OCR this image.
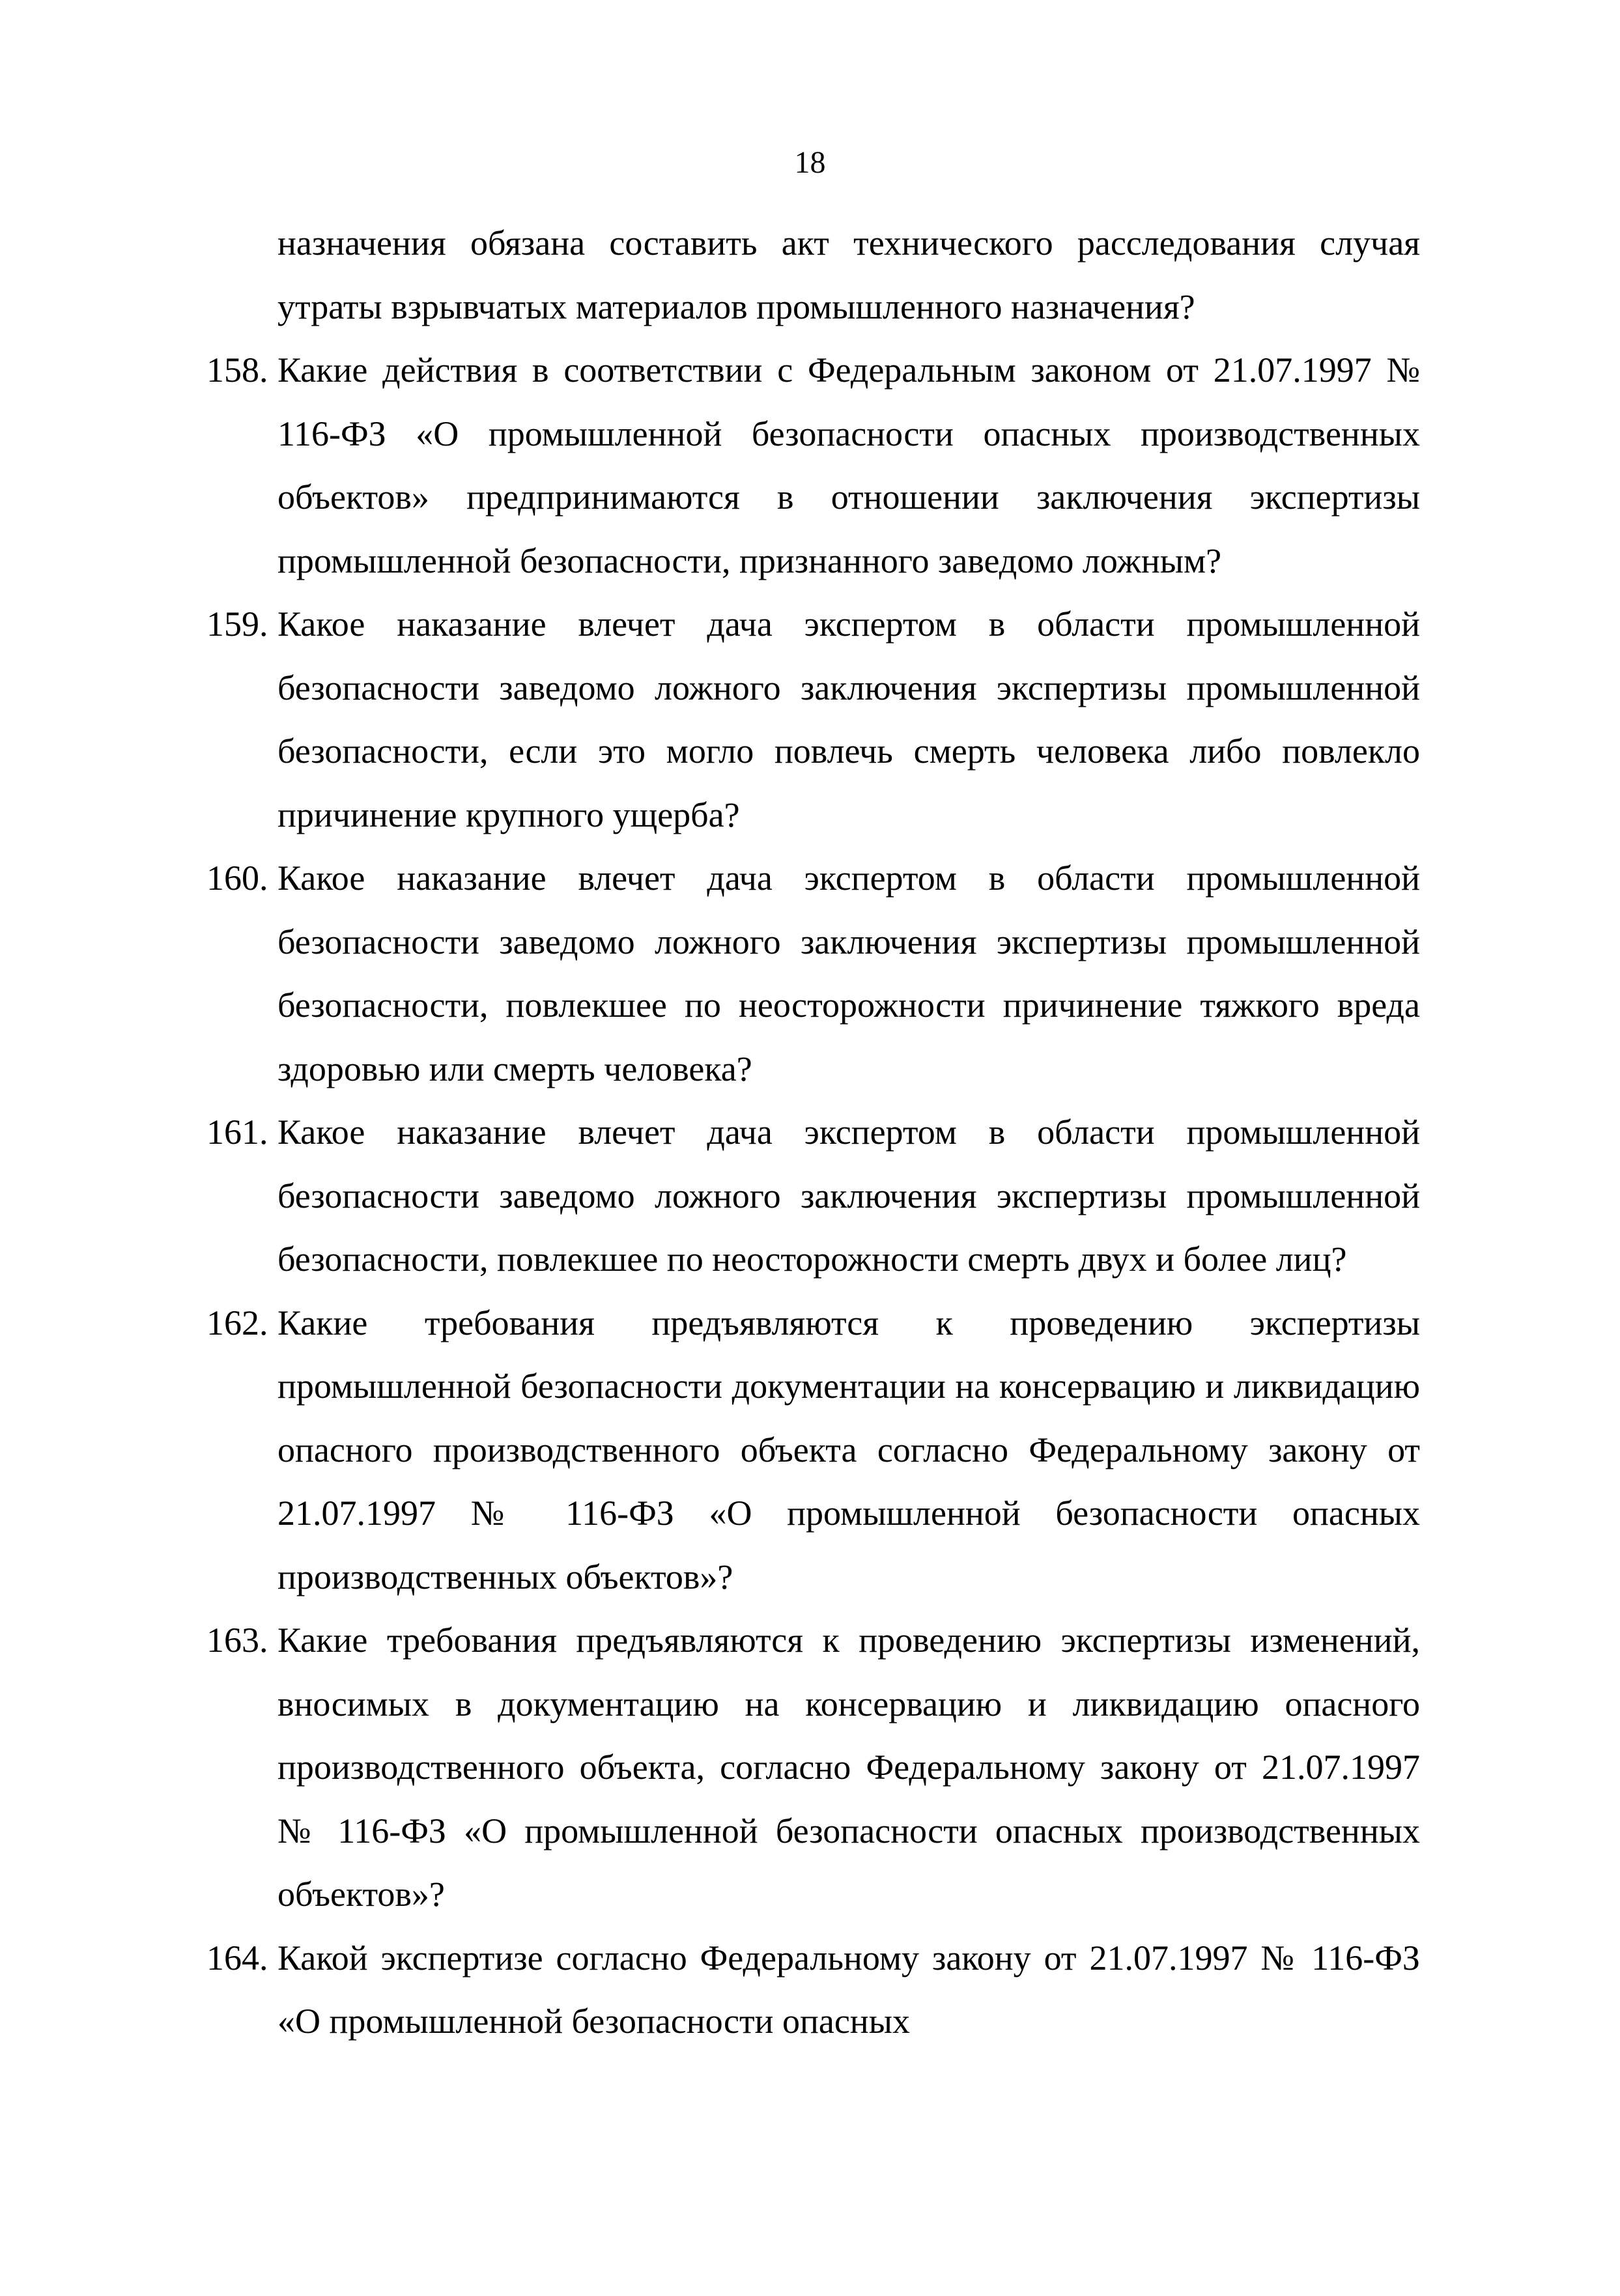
18

назначения обязана составить акт технического расследования случая утраты взрывчатых материалов промышленного назначения?

158. Какие действия в соответствии с Федеральным законом от 21.07.1997 № 116-ФЗ «О промышленной безопасности опасных производственных объектов» предпринимаются в отношении заключения экспертизы промышленной безопасности, признанного заведомо ложным?

159. Какое наказание влечет дача экспертом в области промышленной безопасности заведомо ложного заключения экспертизы промышленной безопасности, если это могло повлечь смерть человека либо повлекло причинение крупного ущерба?

160. Какое наказание влечет дача экспертом в области промышленной безопасности заведомо ложного заключения экспертизы промышленной безопасности, повлекшее по неосторожности причинение тяжкого вреда здоровью или смерть человека?

161. Какое наказание влечет дача экспертом в области промышленной безопасности заведомо ложного заключения экспертизы промышленной безопасности, повлекшее по неосторожности смерть двух и более лиц?

162. Какие требования предъявляются к проведению экспертизы промышленной безопасности документации на консервацию и ликвидацию опасного производственного объекта согласно Федеральному закону от 21.07.1997 № 116-ФЗ «О промышленной безопасности опасных производственных объектов»?

163. Какие требования предъявляются к проведению экспертизы изменений, вносимых в документацию на консервацию и ликвидацию опасного производственного объекта, согласно Федеральному закону от 21.07.1997 № 116-ФЗ «О промышленной безопасности опасных производственных объектов»?

164. Какой экспертизе согласно Федеральному закону от 21.07.1997 № 116-ФЗ «О промышленной безопасности опасных
